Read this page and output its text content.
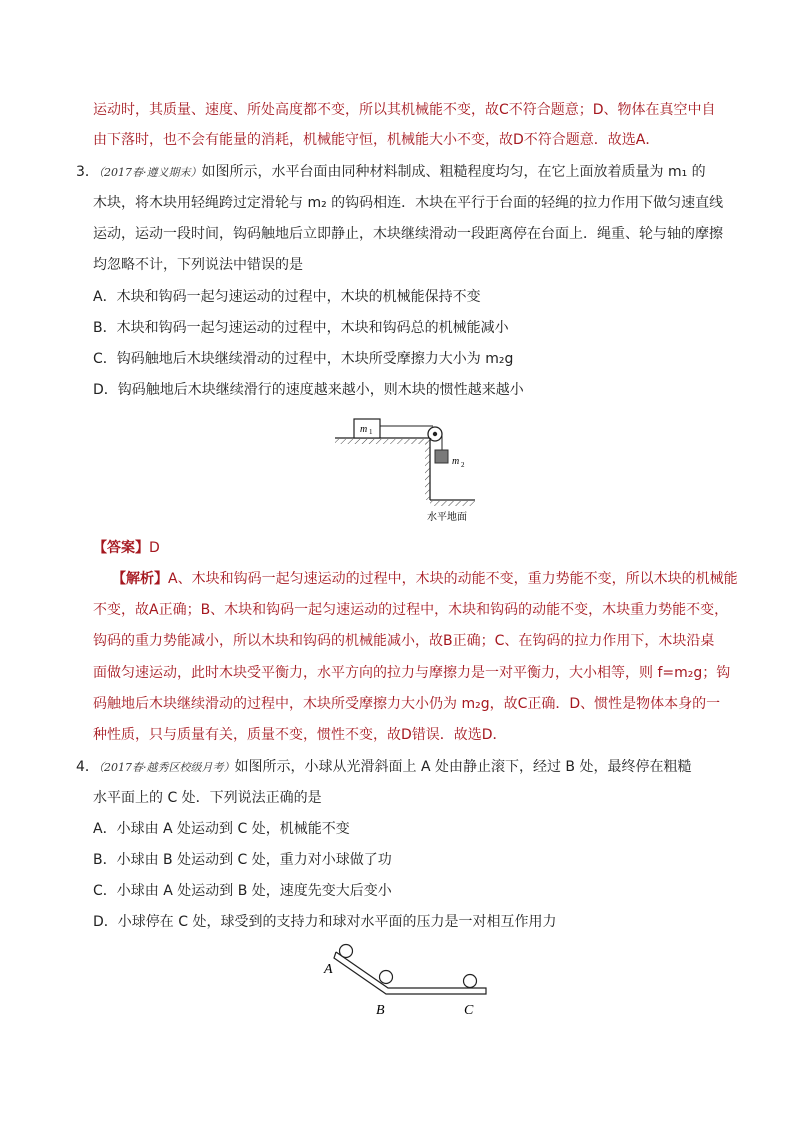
运动时，其质量、速度、所处高度都不变，所以其机械能不变，故C不符合题意；D、物体在真空中自
由下落时，也不会有能量的消耗，机械能守恒，机械能大小不变，故D不符合题意．故选A．
3．
（2017春·遵义期末）如图所示，水平台面由同种材料制成、粗糙程度均匀，在它上面放着质量为 m₁ 的
木块，将木块用轻绳跨过定滑轮与 m₂ 的钩码相连．木块在平行于台面的轻绳的拉力作用下做匀速直线
运动，运动一段时间，钩码触地后立即静止，木块继续滑动一段距离停在台面上．绳重、轮与轴的摩擦
均忽略不计，下列说法中错误的是
A．木块和钩码一起匀速运动的过程中，木块的机械能保持不变
B．木块和钩码一起匀速运动的过程中，木块和钩码总的机械能减小
C．钩码触地后木块继续滑动的过程中，木块所受摩擦力大小为 m₂g
D．钩码触地后木块继续滑行的速度越来越小，则木块的惯性越来越小
m 1
m 2
水平地面
【答案】D
【解析】A、木块和钩码一起匀速运动的过程中，木块的动能不变，重力势能不变，所以木块的机械能
不变，故A正确；B、木块和钩码一起匀速运动的过程中，木块和钩码的动能不变，木块重力势能不变，
钩码的重力势能减小，所以木块和钩码的机械能减小，故B正确；C、在钩码的拉力作用下，木块沿桌
面做匀速运动，此时木块受平衡力，水平方向的拉力与摩擦力是一对平衡力，大小相等，则 f=m₂g；钩
码触地后木块继续滑动的过程中，木块所受摩擦力大小仍为 m₂g，故C正确．D、惯性是物体本身的一
种性质，只与质量有关，质量不变，惯性不变，故D错误．故选D．
4．
（2017春·越秀区校级月考）如图所示，小球从光滑斜面上 A 处由静止滚下，经过 B 处，最终停在粗糙
水平面上的 C 处．下列说法正确的是
A．小球由 A 处运动到 C 处，机械能不变
B．小球由 B 处运动到 C 处，重力对小球做了功
C．小球由 A 处运动到 B 处，速度先变大后变小
D．小球停在 C 处，球受到的支持力和球对水平面的压力是一对相互作用力
A
B	C
